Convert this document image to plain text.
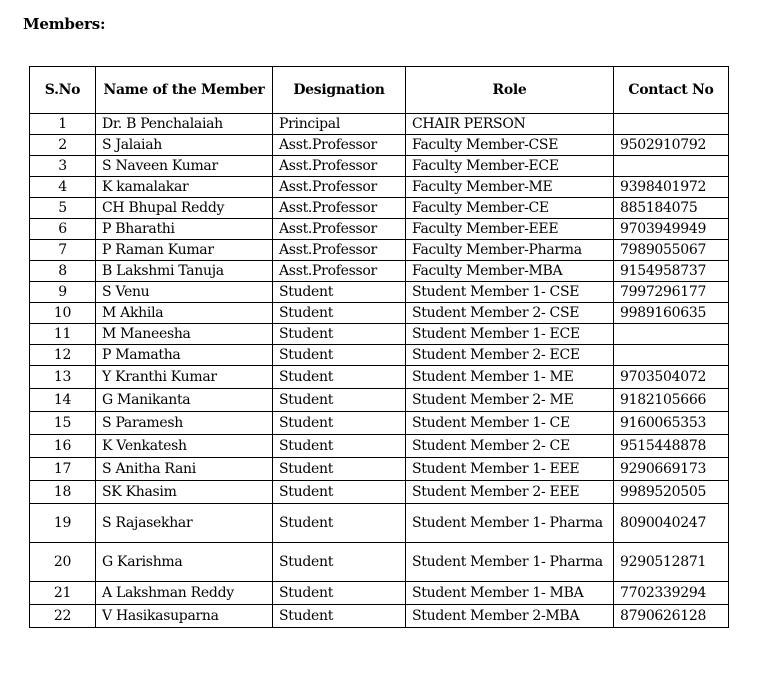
Members:
S.No	Name of the Member	Designation	Role	Contact No
1	Dr. B Penchalaiah	Principal	CHAIR PERSON	
2	S Jalaiah	Asst.Professor	Faculty Member-CSE	9502910792
3	S Naveen Kumar	Asst.Professor	Faculty Member-ECE	
4	K kamalakar	Asst.Professor	Faculty Member-ME	9398401972
5	CH Bhupal Reddy	Asst.Professor	Faculty Member-CE	885184075
6	P Bharathi	Asst.Professor	Faculty Member-EEE	9703949949
7	P Raman Kumar	Asst.Professor	Faculty Member-Pharma	7989055067
8	B Lakshmi Tanuja	Asst.Professor	Faculty Member-MBA	9154958737
9	S Venu	Student	Student Member 1- CSE	7997296177
10	M Akhila	Student	Student Member 2- CSE	9989160635
11	M Maneesha	Student	Student Member 1- ECE	
12	P Mamatha	Student	Student Member 2- ECE	
13	Y Kranthi Kumar	Student	Student Member 1- ME	9703504072
14	G Manikanta	Student	Student Member 2- ME	9182105666
15	S Paramesh	Student	Student Member 1- CE	9160065353
16	K Venkatesh	Student	Student Member 2- CE	9515448878
17	S Anitha Rani	Student	Student Member 1- EEE	9290669173
18	SK Khasim	Student	Student Member 2- EEE	9989520505
19	S Rajasekhar	Student	Student Member 1- Pharma	8090040247
20	G Karishma	Student	Student Member 1- Pharma	9290512871
21	A Lakshman Reddy	Student	Student Member 1- MBA	7702339294
22	V Hasikasuparna	Student	Student Member 2-MBA	8790626128
